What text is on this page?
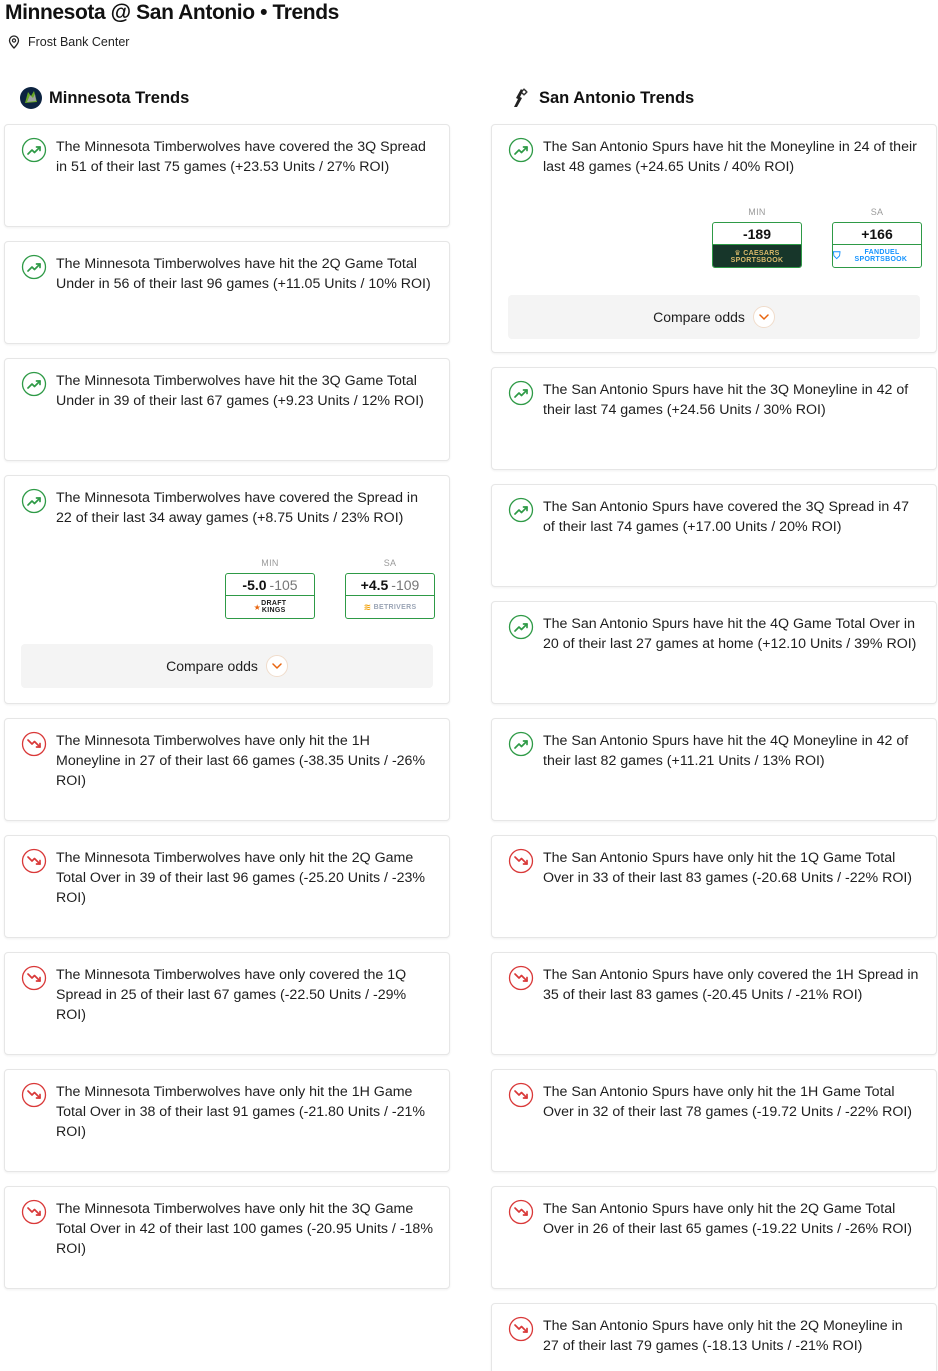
Minnesota @ San Antonio • Trends
Frost Bank Center
Minnesota Trends
The Minnesota Timberwolves have covered the 3Q Spread in 51 of their last 75 games (+23.53 Units / 27% ROI)
The Minnesota Timberwolves have hit the 2Q Game Total Under in 56 of their last 96 games (+11.05 Units / 10% ROI)
The Minnesota Timberwolves have hit the 3Q Game Total Under in 39 of their last 67 games (+9.23 Units / 12% ROI)
The Minnesota Timberwolves have covered the Spread in 22 of their last 34 away games (+8.75 Units / 23% ROI)
MIN
-5.0 -105
★ DRAFT
KINGS
SA
+4.5 -109
≋ BETRIVERS
Compare odds
The Minnesota Timberwolves have only hit the 1H Moneyline in 27 of their last 66 games (-38.35 Units / -26% ROI)
The Minnesota Timberwolves have only hit the 2Q Game Total Over in 39 of their last 96 games (-25.20 Units / -23% ROI)
The Minnesota Timberwolves have only covered the 1Q Spread in 25 of their last 67 games (-22.50 Units / -29% ROI)
The Minnesota Timberwolves have only hit the 1H Game Total Over in 38 of their last 91 games (-21.80 Units / -21% ROI)
The Minnesota Timberwolves have only hit the 3Q Game Total Over in 42 of their last 100 games (-20.95 Units / -18% ROI)
San Antonio Trends
The San Antonio Spurs have hit the Moneyline in 24 of their last 48 games (+24.65 Units / 40% ROI)
MIN
-189
♛ CAESARS SPORTSBOOK
SA
+166
⛉	FANDUEL SPORTSBOOK
Compare odds
The San Antonio Spurs have hit the 3Q Moneyline in 42 of their last 74 games (+24.56 Units / 30% ROI)
The San Antonio Spurs have covered the 3Q Spread in 47 of their last 74 games (+17.00 Units / 20% ROI)
The San Antonio Spurs have hit the 4Q Game Total Over in 20 of their last 27 games at home (+12.10 Units / 39% ROI)
The San Antonio Spurs have hit the 4Q Moneyline in 42 of their last 82 games (+11.21 Units / 13% ROI)
The San Antonio Spurs have only hit the 1Q Game Total Over in 33 of their last 83 games (-20.68 Units / -22% ROI)
The San Antonio Spurs have only covered the 1H Spread in 35 of their last 83 games (-20.45 Units / -21% ROI)
The San Antonio Spurs have only hit the 1H Game Total Over in 32 of their last 78 games (-19.72 Units / -22% ROI)
The San Antonio Spurs have only hit the 2Q Game Total Over in 26 of their last 65 games (-19.22 Units / -26% ROI)
The San Antonio Spurs have only hit the 2Q Moneyline in 27 of their last 79 games (-18.13 Units / -21% ROI)
